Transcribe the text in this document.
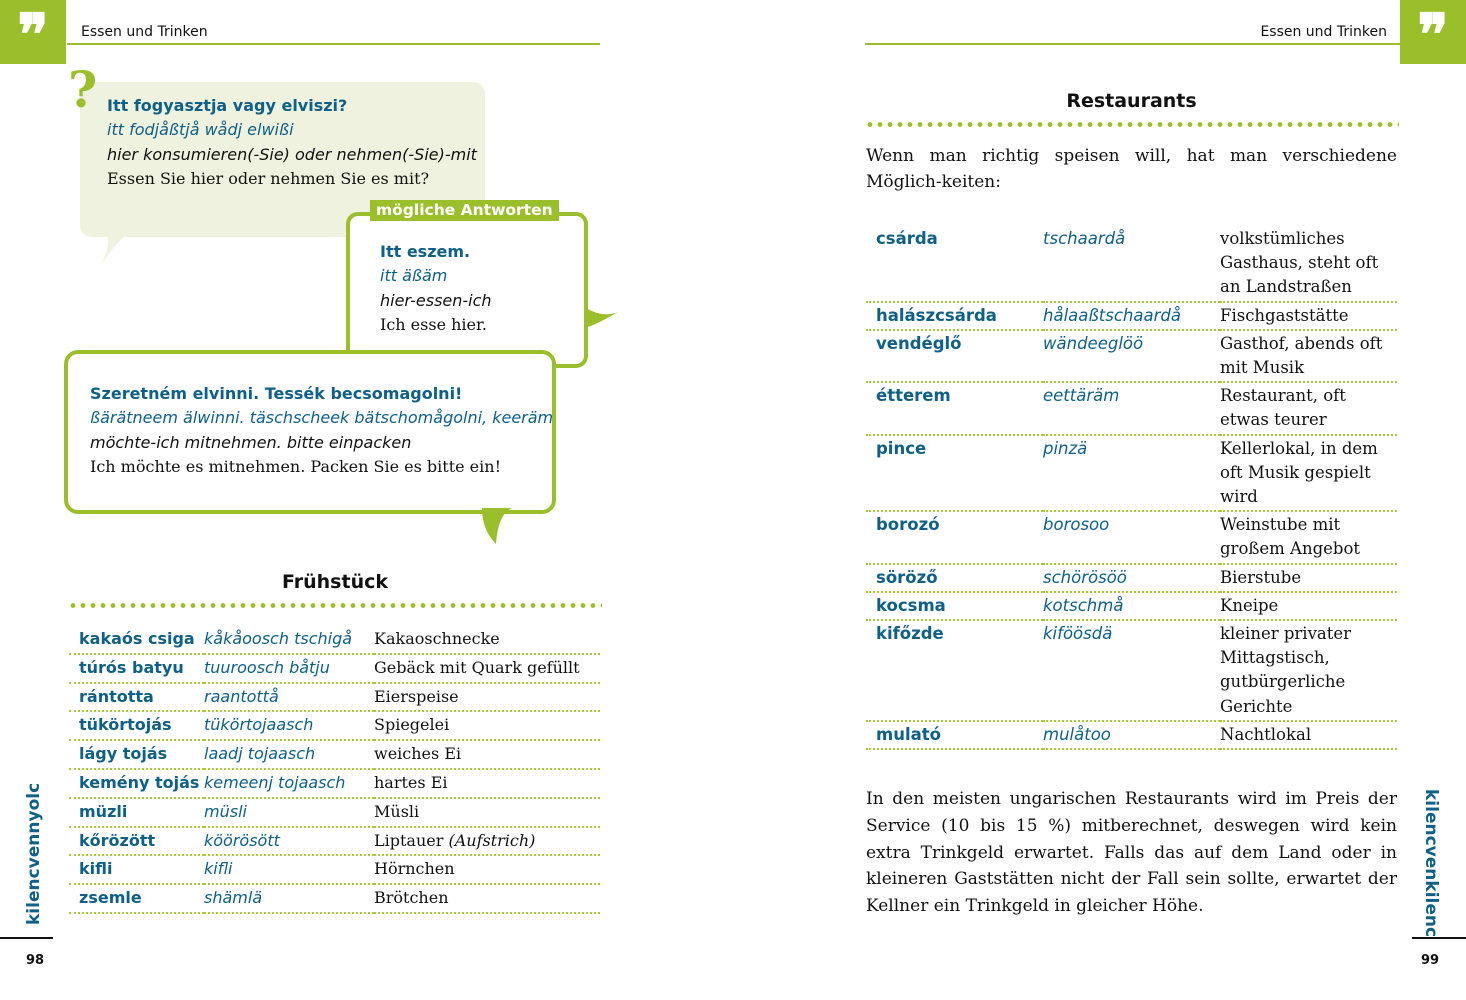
❞	Essen und Trinken
? Itt fogyasztja vagy elviszi?
itt fodjåßtjå wådj elwißi
hier konsumieren(-Sie) oder nehmen(-Sie)-mit
Essen Sie hier oder nehmen Sie es mit?
mögliche Antworten
Itt eszem.
itt äßäm
hier-essen-ich
Ich esse hier.
Szeretném elvinni. Tessék becsomagolni!
ßärätneem älwinni. täschscheek bätschomågolni, keeräm
möchte-ich mitnehmen. bitte einpacken
Ich möchte es mitnehmen. Packen Sie es bitte ein!
Frühstück
kakaós csiga	kåkåoosch tschigå	Kakaoschnecke
túrós batyu	tuuroosch båtju	Gebäck mit Quark gefüllt
rántotta	raantottå	Eierspeise
tükörtojás	tükörtojaasch	Spiegelei
lágy tojás	laadj tojaasch	weiches Ei
kemény tojás	kemeenj tojaasch	hartes Ei
müzli	müsli	Müsli
kőrözött	köörösött	Liptauer (Aufstrich)
kifli	kifli	Hörnchen
zsemle	shämlä	Brötchen
98
kilencvennyolc
❞
Essen und Trinken
Restaurants
Wenn man richtig speisen will, hat man verschiedene Möglich-keiten:
csárda	tschaardå	volkstümliches Gasthaus, steht oft an Landstraßen
halászcsárda	hålaaßtschaardå	Fischgaststätte
vendéglő	wändeeglöö	Gasthof, abends oft mit Musik
étterem	eettäräm	Restaurant, oft etwas teurer
pince	pinzä	Kellerlokal, in dem oft Musik gespielt wird
borozó	borosoo	Weinstube mit großem Angebot
söröző	schörösöö	Bierstube
kocsma	kotschmå	Kneipe
kifőzde	kiföösdä	kleiner privater Mittagstisch, gutbürgerliche Gerichte
mulató	mulåtoo	Nachtlokal
In den meisten ungarischen Restaurants wird im Preis der Service (10 bis 15 %) mitberechnet, deswegen wird kein extra Trinkgeld erwartet. Falls das auf dem Land oder in kleineren Gaststätten nicht der Fall sein sollte, erwartet der Kellner ein Trinkgeld in gleicher Höhe.
99
kilencvenkilenc
